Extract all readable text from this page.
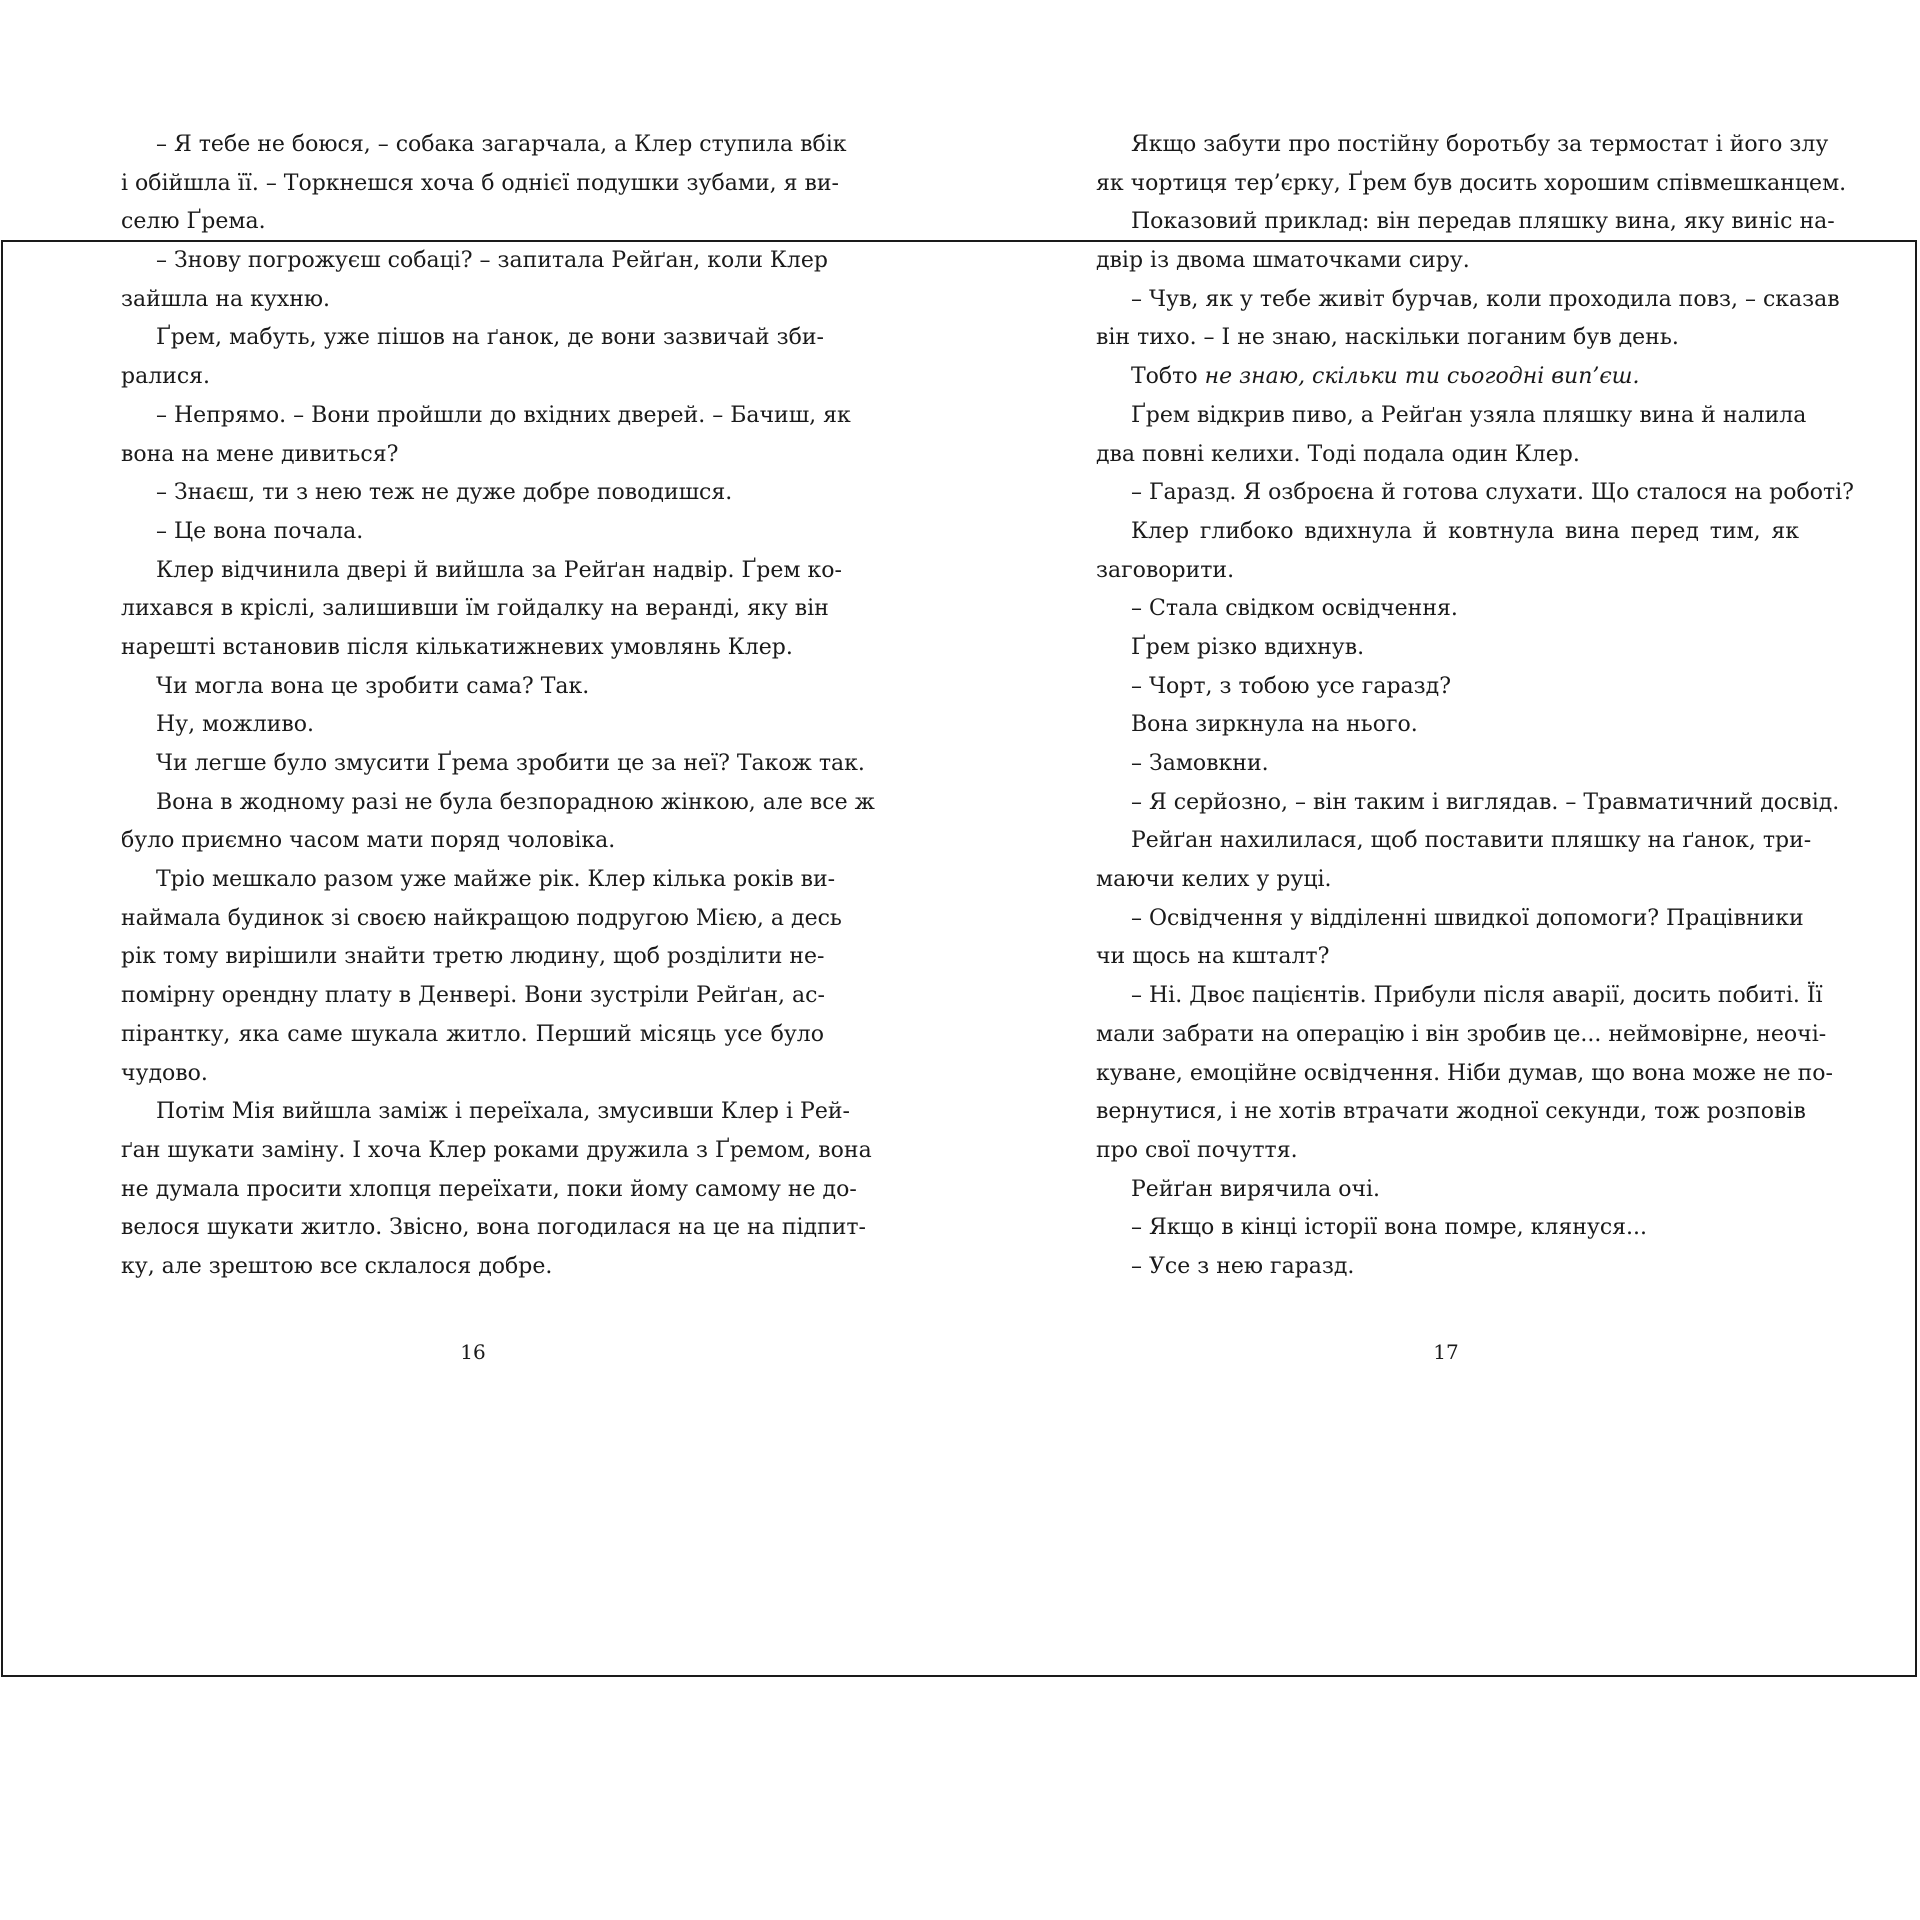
– Я тебе не боюся, – собака загарчала, а Клер ступила вбік
і обійшла її. – Торкнешся хоча б однієї подушки зубами, я ви-
селю Ґрема.
– Знову погрожуєш собаці? – запитала Рейґан, коли Клер
зайшла на кухню.
Ґрем, мабуть, уже пішов на ґанок, де вони зазвичай зби-
ралися.
– Непрямо. – Вони пройшли до вхідних дверей. – Бачиш, як
вона на мене дивиться?
– Знаєш, ти з нею теж не дуже добре поводишся.
– Це вона почала.
Клер відчинила двері й вийшла за Рейґан надвір. Ґрем ко-
лихався в кріслі, залишивши їм гойдалку на веранді, яку він
нарешті встановив після кількатижневих умовлянь Клер.
Чи могла вона це зробити сама? Так.
Ну, можливо.
Чи легше було змусити Ґрема зробити це за неї? Також так.
Вона в жодному разі не була безпорадною жінкою, але все ж
було приємно часом мати поряд чоловіка.
Тріо мешкало разом уже майже рік. Клер кілька років ви-
наймала будинок зі своєю найкращою подругою Мією, а десь
рік тому вирішили знайти третю людину, щоб розділити не-
помірну орендну плату в Денвері. Вони зустріли Рейґан, ас-
пірантку, яка саме шукала житло. Перший місяць усе було
чудово.
Потім Мія вийшла заміж і переїхала, змусивши Клер і Рей-
ґан шукати заміну. І хоча Клер роками дружила з Ґремом, вона
не думала просити хлопця переїхати, поки йому самому не до-
велося шукати житло. Звісно, вона погодилася на це на підпит-
ку, але зрештою все склалося добре.
16
Якщо забути про постійну боротьбу за термостат і його злу
як чортиця тер’єрку, Ґрем був досить хорошим співмешканцем.
Показовий приклад: він передав пляшку вина, яку виніс на-
двір із двома шматочками сиру.
– Чув, як у тебе живіт бурчав, коли проходила повз, – сказав
він тихо. – І не знаю, наскільки поганим був день.
Тобто не знаю, скільки ти сьогодні вип’єш.
Ґрем відкрив пиво, а Рейґан узяла пляшку вина й налила
два повні келихи. Тоді подала один Клер.
– Гаразд. Я озброєна й готова слухати. Що сталося на роботі?
Клер глибоко вдихнула й ковтнула вина перед тим, як
заговорити.
– Стала свідком освідчення.
Ґрем різко вдихнув.
– Чорт, з тобою усе гаразд?
Вона зиркнула на нього.
– Замовкни.
– Я серйозно, – він таким і виглядав. – Травматичний досвід.
Рейґан нахилилася, щоб поставити пляшку на ґанок, три-
маючи келих у руці.
– Освідчення у відділенні швидкої допомоги? Працівники
чи щось на кшталт?
– Ні. Двоє пацієнтів. Прибули після аварії, досить побиті. Її
мали забрати на операцію і він зробив це... неймовірне, неочі-
куване, емоційне освідчення. Ніби думав, що вона може не по-
вернутися, і не хотів втрачати жодної секунди, тож розповів
про свої почуття.
Рейґан вирячила очі.
– Якщо в кінці історії вона помре, клянуся...
– Усе з нею гаразд.
17
